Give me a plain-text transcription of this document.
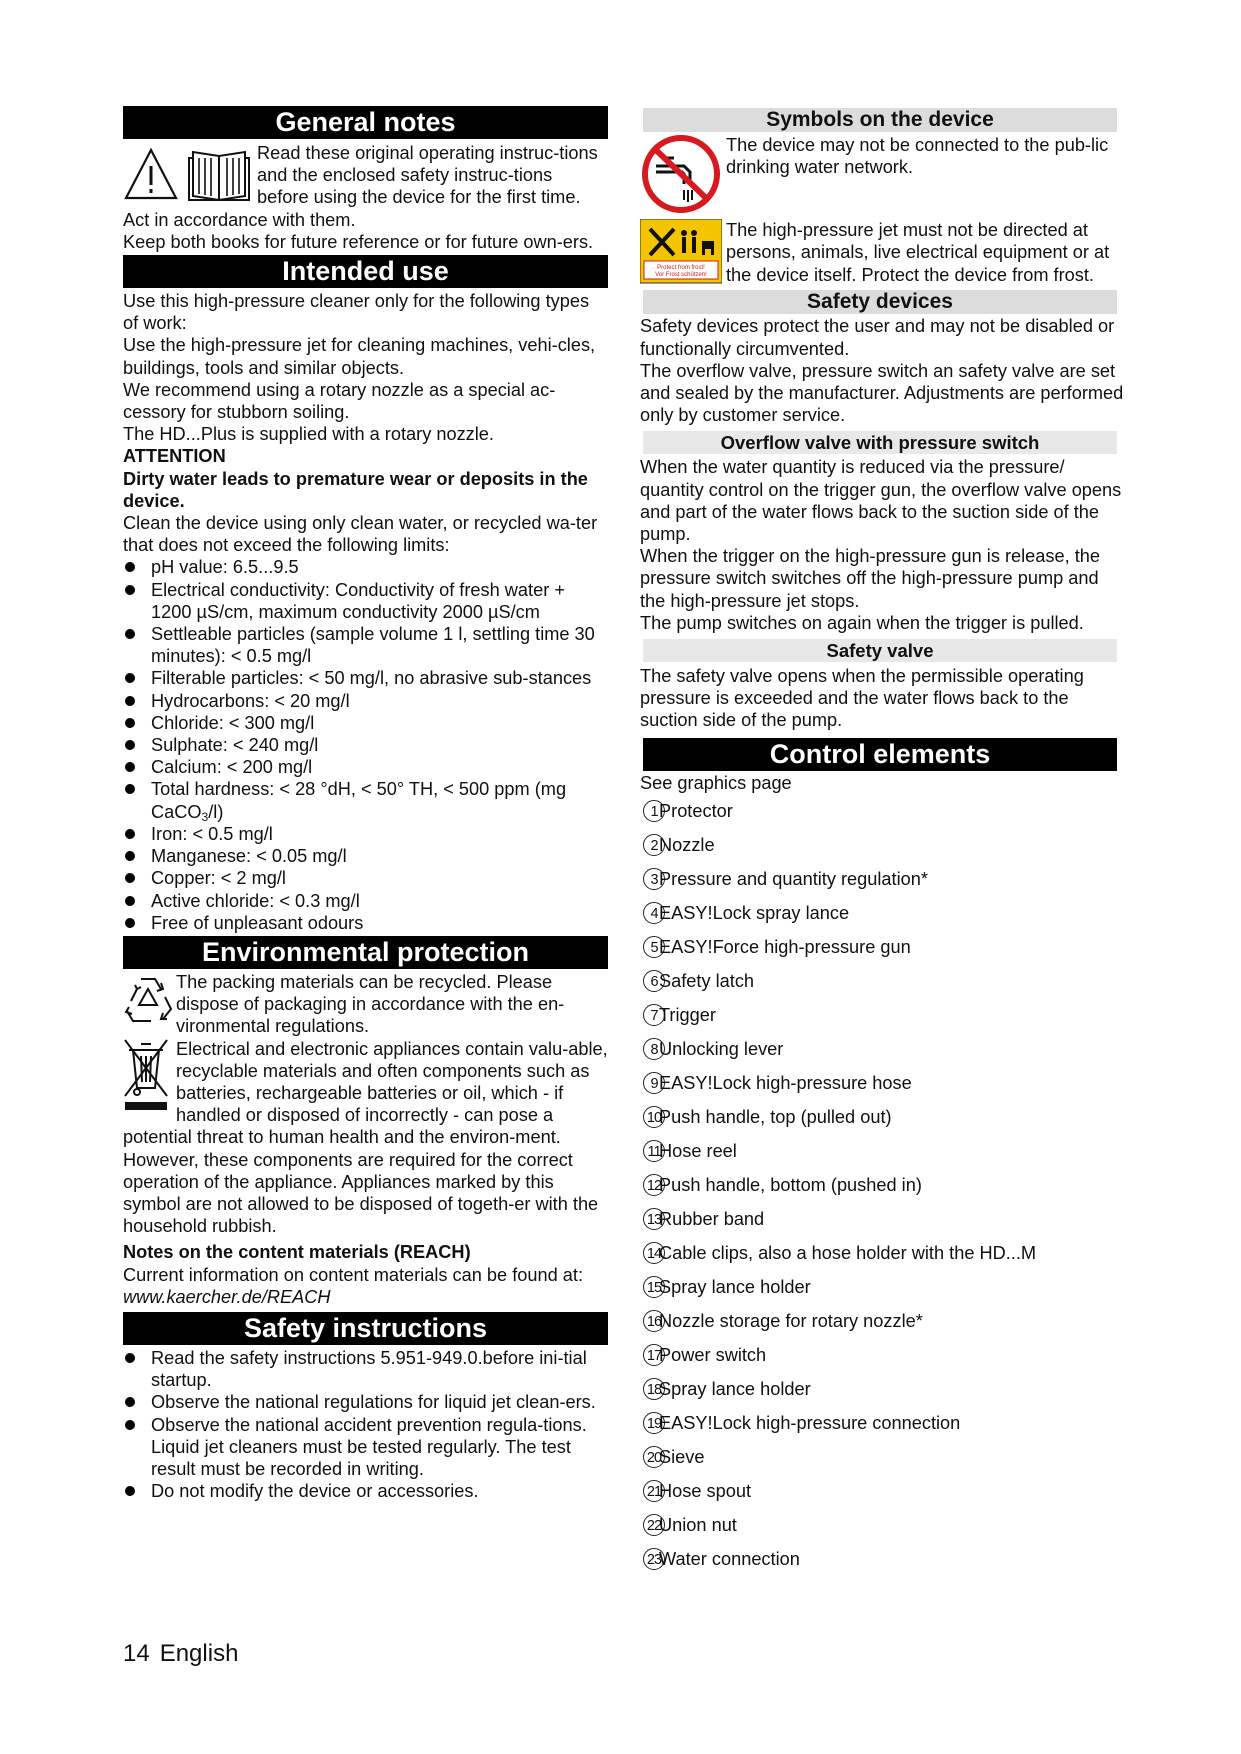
General notes

Read these original operating instruc-tions and the enclosed safety instruc-tions before using the device for the first time. Act in accordance with them.

Keep both books for future reference or for future own-ers.

Intended use

Use this high-pressure cleaner only for the following types of work:

Use the high-pressure jet for cleaning machines, vehi-cles, buildings, tools and similar objects.

We recommend using a rotary nozzle as a special ac-cessory for stubborn soiling.

The HD...Plus is supplied with a rotary nozzle.

ATTENTION

Dirty water leads to premature wear or deposits in the device.

Clean the device using only clean water, or recycled wa-ter that does not exceed the following limits:

pH value: 6.5...9.5
Electrical conductivity: Conductivity of fresh water + 1200 µS/cm, maximum conductivity 2000 µS/cm
Settleable particles (sample volume 1 l, settling time 30 minutes): < 0.5 mg/l
Filterable particles: < 50 mg/l, no abrasive sub-stances
Hydrocarbons: < 20 mg/l
Chloride: < 300 mg/l
Sulphate: < 240 mg/l
Calcium: < 200 mg/l
Total hardness: < 28 °dH, < 50° TH, < 500 ppm (mg CaCO$_3$/l)
Iron: < 0.5 mg/l
Manganese: < 0.05 mg/l
Copper: < 2 mg/l
Active chloride: < 0.3 mg/l
Free of unpleasant odours
Environmental protection

The packing materials can be recycled. Please dispose of packaging in accordance with the en-vironmental regulations.

Electrical and electronic appliances contain valu-able, recyclable materials and often components such as batteries, rechargeable batteries or oil, which - if handled or disposed of incorrectly - can pose a potential threat to human health and the environ-ment. However, these components are required for the correct operation of the appliance. Appliances marked by this symbol are not allowed to be disposed of togeth-er with the household rubbish.

Notes on the content materials (REACH)

Current information on content materials can be found at: www.kaercher.de/REACH

Safety instructions
Read the safety instructions 5.951-949.0.before ini-tial startup.
Observe the national regulations for liquid jet clean-ers.
Observe the national accident prevention regula-tions. Liquid jet cleaners must be tested regularly. The test result must be recorded in writing.
Do not modify the device or accessories.
Symbols on the device

The device may not be connected to the pub-lic drinking water network.

Protect from frost!
Vor Frost schützen!

The high-pressure jet must not be directed at persons, animals, live electrical equipment or at the device itself. Protect the device from frost.

Safety devices

Safety devices protect the user and may not be disabled or functionally circumvented.

The overflow valve, pressure switch an safety valve are set and sealed by the manufacturer. Adjustments are performed only by customer service.

Overflow valve with pressure switch

When the water quantity is reduced via the pressure/ quantity control on the trigger gun, the overflow valve opens and part of the water flows back to the suction side of the pump.

When the trigger on the high-pressure gun is release, the pressure switch switches off the high-pressure pump and the high-pressure jet stops.

The pump switches on again when the trigger is pulled.

Safety valve

The safety valve opens when the permissible operating pressure is exceeded and the water flows back to the suction side of the pump.

Control elements

See graphics page

1 Protector
2 Nozzle
3 Pressure and quantity regulation*
4 EASY!Lock spray lance
5 EASY!Force high-pressure gun
6 Safety latch
7 Trigger
8 Unlocking lever
9 EASY!Lock high-pressure hose
10
Push handle, top (pulled out)
11
Hose reel
12
Push handle, bottom (pushed in)
13
Rubber band
14
Cable clips, also a hose holder with the HD...M
15
Spray lance holder
16
Nozzle storage for rotary nozzle*
17
Power switch
18
Spray lance holder
19
EASY!Lock high-pressure connection
20
Sieve
21
Hose spout
22
Union nut
23
Water connection
14 English
